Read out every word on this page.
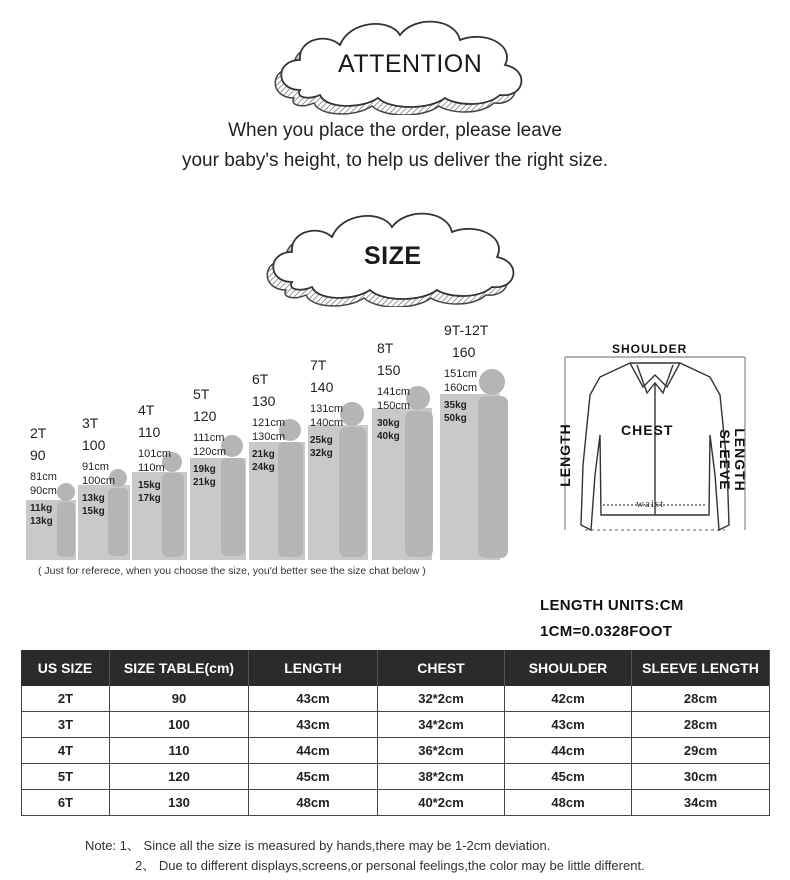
ATTENTION
When you place the order, please leave
your baby's height, to help us deliver the right size.
SIZE
2T
90
81cm
90cm
11kg
13kg
3T
100
91cm
100cm
13kg
15kg
4T
110
101cm
110m
15kg
17kg
5T
120
111cm
120cm
19kg
21kg
6T
130
121cm
130cm
21kg
24kg
7T
140
131cm
140cm
25kg
32kg
8T
150
141cm
150cm
30kg
40kg
9T-12T
160
151cm
160cm
35kg
50kg
( Just for referece, when you choose the size, you'd better see the size chat below )
SHOULDER
CHEST
LENGTH	SLEEVE LENGTH
waist
LENGTH UNITS:CM
1CM=0.0328FOOT
US SIZE	SIZE TABLE(cm)	LENGTH	CHEST	SHOULDER	SLEEVE LENGTH
2T	90	43cm	32*2cm	42cm	28cm
3T	100	43cm	34*2cm	43cm	28cm
4T	110	44cm	36*2cm	44cm	29cm
5T	120	45cm	38*2cm	45cm	30cm
6T	130	48cm	40*2cm	48cm	34cm
Note: 1、 Since all the size is measured by hands,there may be 1-2cm deviation.
2、 Due to different displays,screens,or personal feelings,the color may be little different.
